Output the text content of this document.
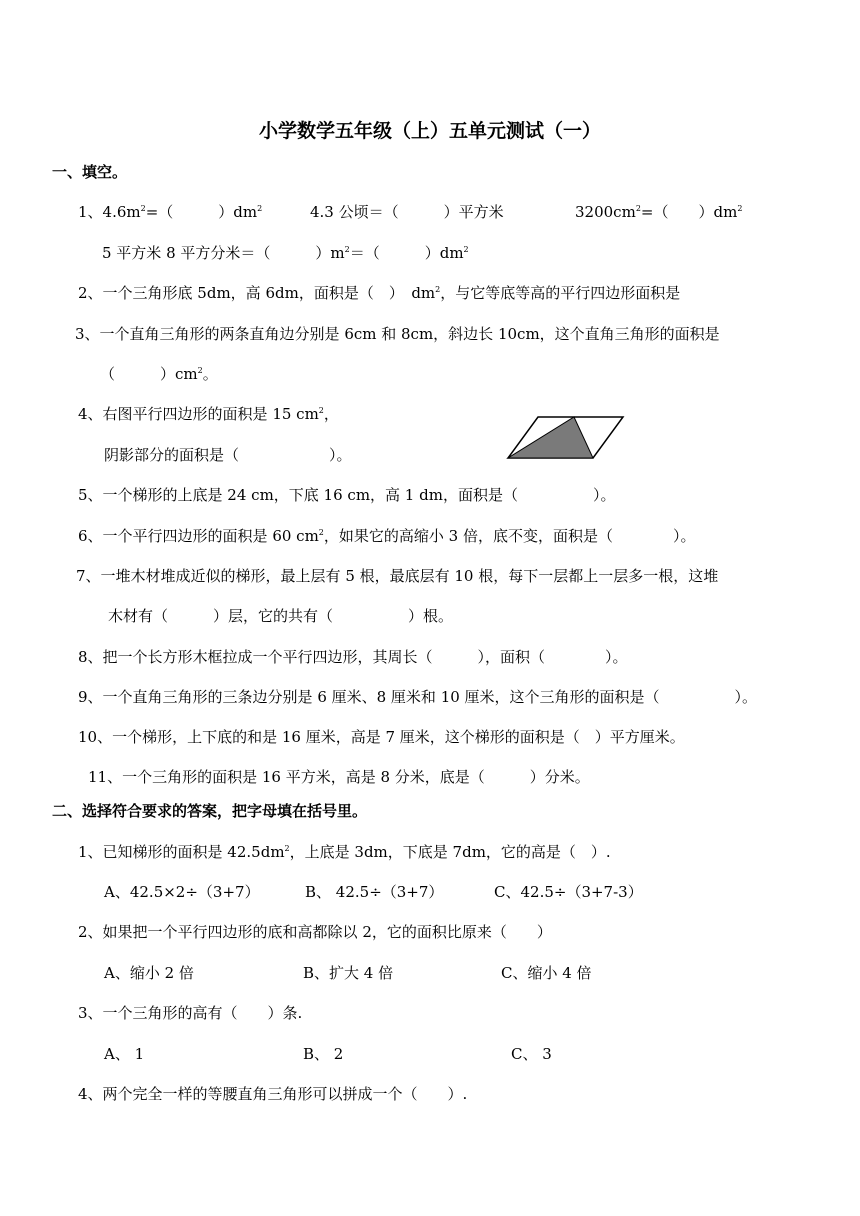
小学数学五年级（上）五单元测试（一）
一、填空。
1、$4.6m^2=$（　　　）$dm^2$	4.3 公顷＝（　　　）平方米	$3200cm^2=$（　　）$dm^2$
5 平方米 8 平方分米＝（　　　）$m^2=$（　　　）$dm^2$
2、一个三角形底 5dm，高 6dm，面积是（　）　$dm^2$，与它等底等高的平行四边形面积是
3、一个直角三角形的两条直角边分别是 6cm 和 8cm，斜边长 10cm，这个直角三角形的面积是
（　　　）$cm^2$。
4、右图平行四边形的面积是 15 $cm^2$，
阴影部分的面积是（　　　　　　）。
5、一个梯形的上底是 24 cm，下底 16 cm，高 1 dm，面积是（　　　　　）。
6、一个平行四边形的面积是 60 $cm^2$，如果它的高缩小 3 倍，底不变，面积是（　　　　）。
7、一堆木材堆成近似的梯形，最上层有 5 根，最底层有 10 根，每下一层都上一层多一根，这堆
木材有（　　　）层，它的共有（　　　　　）根。
8、把一个长方形木框拉成一个平行四边形，其周长（　　　），面积（　　　　）。
9、一个直角三角形的三条边分别是 6 厘米、8 厘米和 10 厘米，这个三角形的面积是（　　　　　）。
10、一个梯形，上下底的和是 16 厘米，高是 7 厘米，这个梯形的面积是（　）平方厘米。
11、一个三角形的面积是 16 平方米，高是 8 分米，底是（　　　）分米。
二、选择符合要求的答案，把字母填在括号里。
1、已知梯形的面积是 $42.5dm^2$，上底是 3dm，下底是 7dm，它的高是（　）.
A、42.5×2÷（3+7）	B、 42.5÷（3+7）	C、42.5÷（3+7-3）
2、如果把一个平行四边形的底和高都除以 2，它的面积比原来（　　）
A、缩小 2 倍	B、扩大 4 倍	C、缩小 4 倍
3、一个三角形的高有（　　）条.
A、 1	B、 2	C、 3
4、两个完全一样的等腰直角三角形可以拼成一个（　　）.
